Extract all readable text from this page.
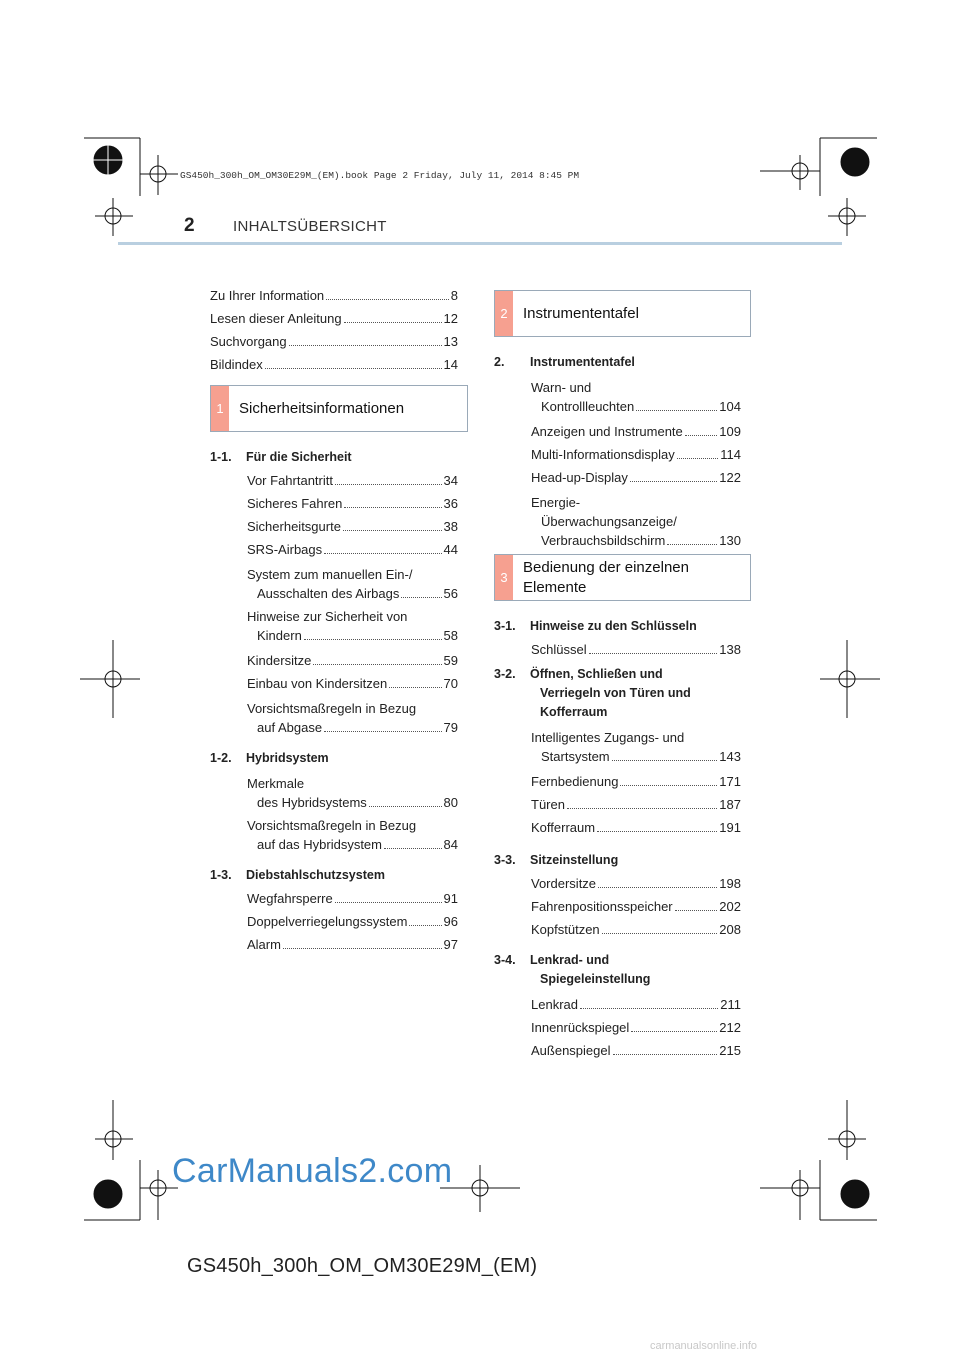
GS450h_300h_OM_OM30E29M_(EM).book Page 2 Friday, July 11, 2014 8:45 PM
2	INHALTSÜBERSICHT
Zu Ihrer Information	8
Lesen dieser Anleitung	12
Suchvorgang	13
Bildindex	14
1	Sicherheitsinformationen
1-1. Für die Sicherheit
Vor Fahrtantritt	34
Sicheres Fahren	36
Sicherheitsgurte	38
SRS-Airbags	44
System zum manuellen Ein-/
Ausschalten des Airbags	56
Hinweise zur Sicherheit von
Kindern	58
Kindersitze	59
Einbau von Kindersitzen	70
Vorsichtsmaßregeln in Bezug
auf Abgase	79
1-2. Hybridsystem
Merkmale
des Hybridsystems	80
Vorsichtsmaßregeln in Bezug
auf das Hybridsystem	84
1-3. Diebstahlschutzsystem
Wegfahrsperre	91
Doppelverriegelungssystem	96
Alarm	97
2	Instrumententafel
2. Instrumententafel
Warn- und
Kontrollleuchten	104
Anzeigen und Instrumente	109
Multi-Informationsdisplay	114
Head-up-Display	122
Energie-
Überwachungsanzeige/
Verbrauchsbildschirm	130
3
Bedienung der einzelnen
Elemente
3-1. Hinweise zu den Schlüsseln
Schlüssel	138
3-2. Öffnen, Schließen und
Verriegeln von Türen und
Kofferraum
Intelligentes Zugangs- und
Startsystem	143
Fernbedienung	171
Türen	187
Kofferraum	191
3-3. Sitzeinstellung
Vordersitze	198
Fahrenpositionsspeicher	202
Kopfstützen	208
3-4. Lenkrad- und
Spiegeleinstellung
Lenkrad	211
Innenrückspiegel	212
Außenspiegel	215
CarManuals2.com
GS450h_300h_OM_OM30E29M_(EM)
carmanualsonline.info
